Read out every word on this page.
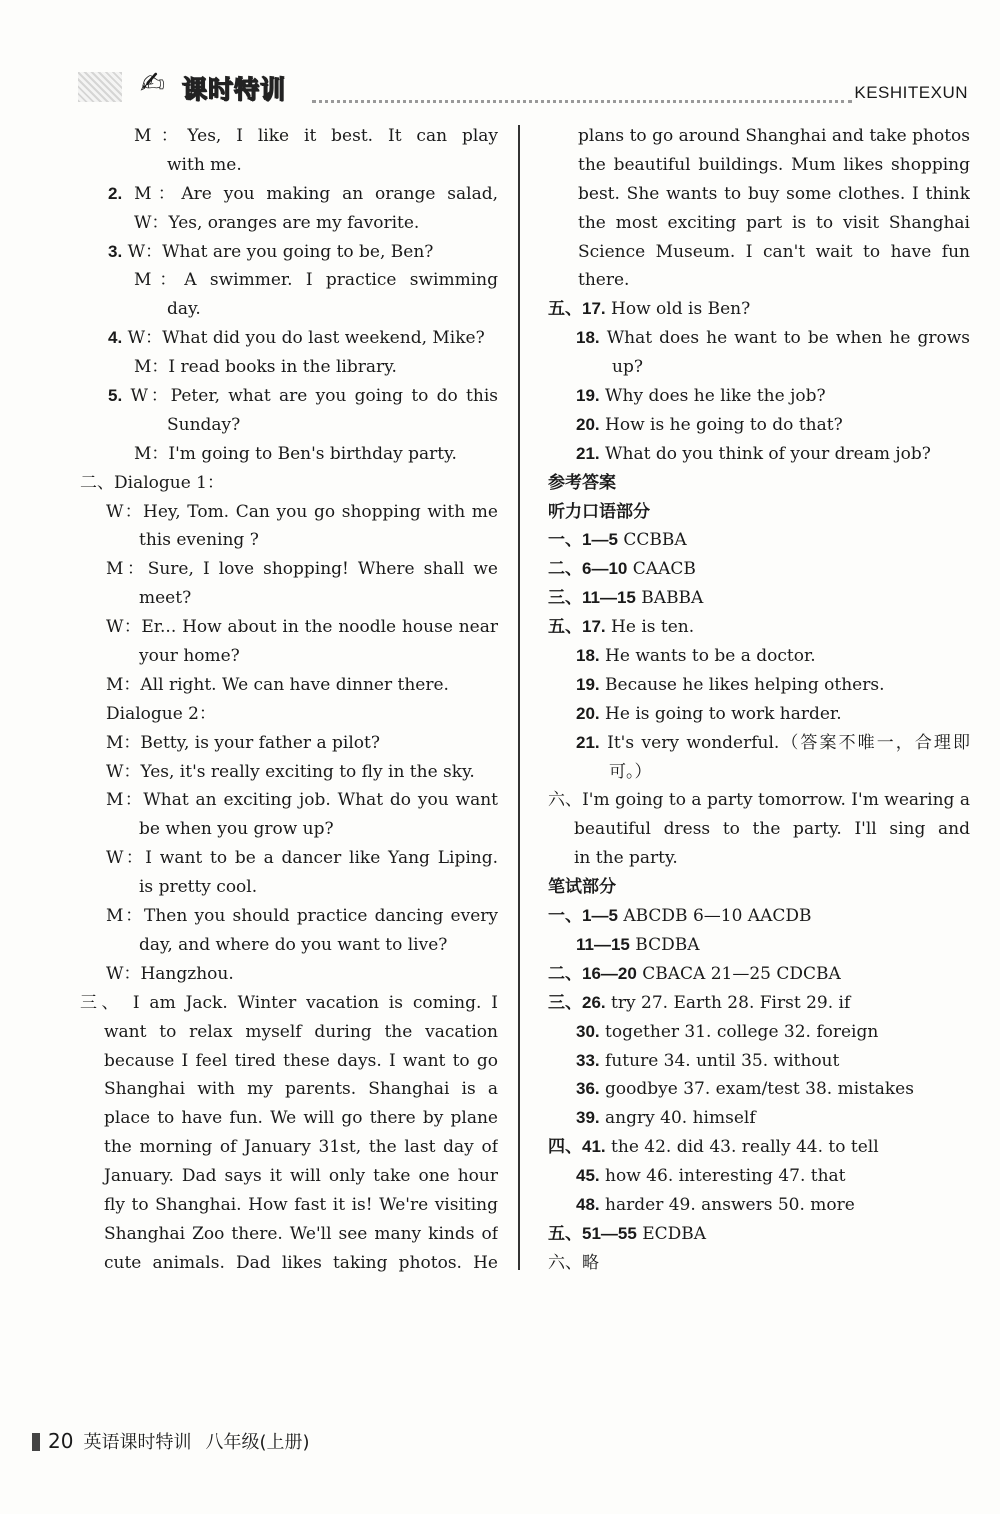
✍ 课时特训	KESHITEXUN
M：Yes, I like it best. It can play
with me.
2. M：Are you making an orange salad,
W：Yes, oranges are my favorite.
3. W：What are you going to be, Ben?
M：A swimmer. I practice swimming
day.
4. W：What did you do last weekend, Mike?
M：I read books in the library.
5. W：Peter, what are you going to do this
Sunday?
M：I'm going to Ben's birthday party.
二、Dialogue 1：
W：Hey, Tom. Can you go shopping with me
this evening ?
M：Sure, I love shopping! Where shall we
meet?
W：Er... How about in the noodle house near
your home?
M：All right. We can have dinner there.
Dialogue 2：
M：Betty, is your father a pilot?
W：Yes, it's really exciting to fly in the sky.
M：What an exciting job. What do you want
be when you grow up?
W：I want to be a dancer like Yang Liping.
is pretty cool.
M：Then you should practice dancing every
day, and where do you want to live?
W：Hangzhou.
三、 I am Jack. Winter vacation is coming. I
want to relax myself during the vacation
because I feel tired these days. I want to go
Shanghai with my parents. Shanghai is a
place to have fun. We will go there by plane
the morning of January 31st, the last day of
January. Dad says it will only take one hour
fly to Shanghai. How fast it is! We're visiting
Shanghai Zoo there. We'll see many kinds of
cute animals. Dad likes taking photos. He
plans to go around Shanghai and take photos
the beautiful buildings. Mum likes shopping
best. She wants to buy some clothes. I think
the most exciting part is to visit Shanghai
Science Museum. I can't wait to have fun
there.
五、17. How old is Ben?
18. What does he want to be when he grows
up?
19. Why does he like the job?
20. How is he going to do that?
21. What do you think of your dream job?
参考答案
听力口语部分
一、1—5 CCBBA
二、6—10 CAACB
三、11—15 BABBA
五、17. He is ten.
18. He wants to be a doctor.
19. Because he likes helping others.
20. He is going to work harder.
21. It's very wonderful.（答案不唯一，合理即
可。）
六、I'm going to a party tomorrow. I'm wearing a
beautiful dress to the party. I'll sing and
in the party.
笔试部分
一、1—5 ABCDB 6—10 AACDB
11—15 BCDBA
二、16—20 CBACA 21—25 CDCBA
三、26. try 27. Earth 28. First 29. if
30. together 31. college 32. foreign
33. future 34. until 35. without
36. goodbye 37. exam/test 38. mistakes
39. angry 40. himself
四、41. the 42. did 43. really 44. to tell
45. how 46. interesting 47. that
48. harder 49. answers 50. more
五、51—55 ECDBA
六、略
20 英语课时特训 八年级(上册)
